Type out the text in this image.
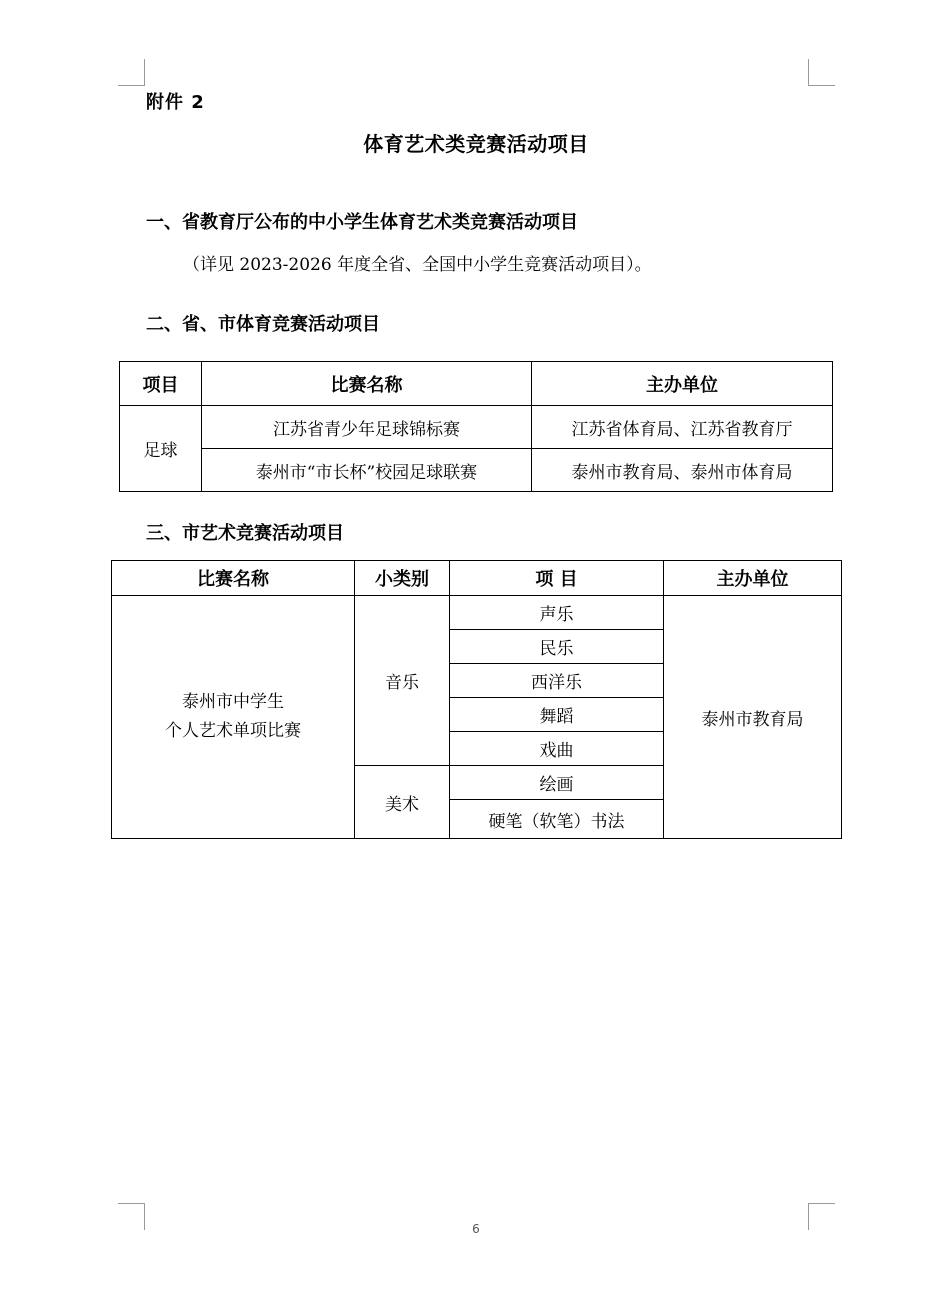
附件 2
体育艺术类竞赛活动项目
一、省教育厅公布的中小学生体育艺术类竞赛活动项目
（详见 2023-2026 年度全省、全国中小学生竞赛活动项目）。
二、省、市体育竞赛活动项目
项目	比赛名称	主办单位
足球	江苏省青少年足球锦标赛	江苏省体育局、江苏省教育厅
	泰州市“市长杯”校园足球联赛	泰州市教育局、泰州市体育局
三、市艺术竞赛活动项目
比赛名称	小类别	项 目	主办单位
泰州市中学生
个人艺术单项比赛	音乐	声乐	泰州市教育局
		民乐	
		西洋乐	
		舞蹈	
		戏曲	
	美术	绘画	
		硬笔（软笔）书法	
6
